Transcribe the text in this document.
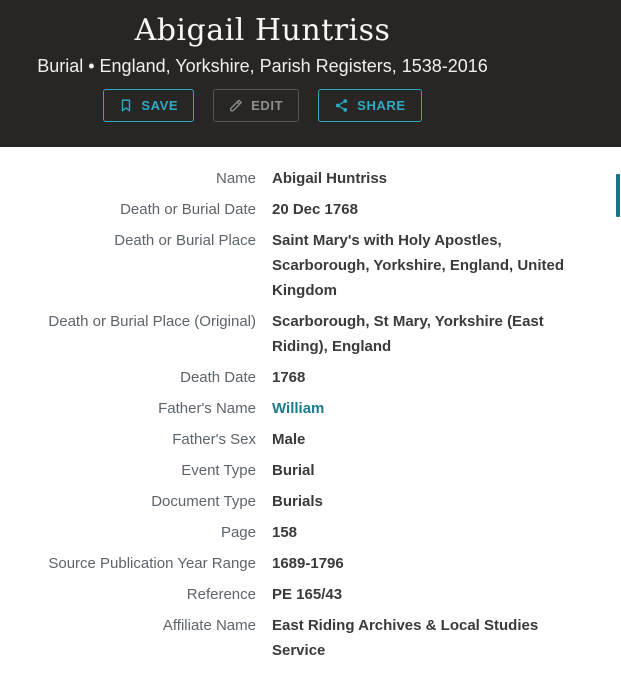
Abigail Huntriss
Burial • England, Yorkshire, Parish Registers, 1538-2016
SAVE	EDIT	SHARE
Name Abigail Huntriss
Death or Burial Date 20 Dec 1768
Death or Burial Place Saint Mary's with Holy Apostles, Scarborough, Yorkshire, England, United Kingdom
Death or Burial Place (Original) Scarborough, St Mary, Yorkshire (East Riding), England
Death Date 1768
Father's Name William
Father's Sex Male
Event Type Burial
Document Type Burials
Page 158
Source Publication Year Range 1689-1796
Reference PE 165/43
Affiliate Name East Riding Archives & Local Studies Service
